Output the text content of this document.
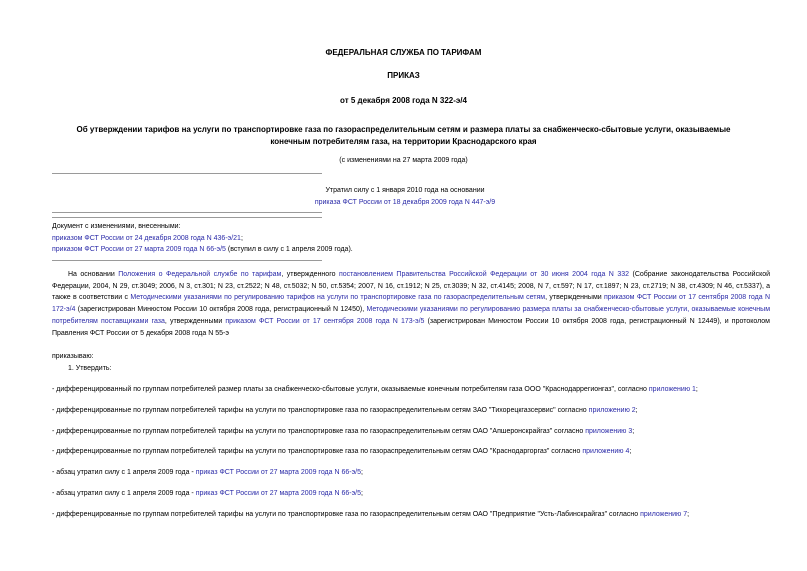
ФЕДЕРАЛЬНАЯ СЛУЖБА ПО ТАРИФАМ
ПРИКАЗ
от 5 декабря 2008 года N 322-э/4
Об утверждении тарифов на услуги по транспортировке газа по газораспределительным сетям и размера платы за снабженческо-сбытовые услуги, оказываемые
конечным потребителям газа, на территории Краснодарского края
(с изменениями на 27 марта 2009 года)
Утратил силу с 1 января 2010 года на основании
приказа ФСТ России от 18 декабря 2009 года N 447-э/9
Документ с изменениями, внесенными:
приказом ФСТ России от 24 декабря 2008 года N 436-э/21;
приказом ФСТ России от 27 марта 2009 года N 66-э/5 (вступил в силу с 1 апреля 2009 года).
На основании Положения о Федеральной службе по тарифам, утвержденного постановлением Правительства Российской Федерации от 30 июня 2004 года N 332 (Собрание законодательства Российской Федерации, 2004, N 29, ст.3049; 2006, N 3, ст.301; N 23, ст.2522; N 48, ст.5032; N 50, ст.5354; 2007, N 16, ст.1912; N 25, ст.3039; N 32, ст.4145; 2008, N 7, ст.597; N 17, ст.1897; N 23, ст.2719; N 38, ст.4309; N 46, ст.5337), а также в соответствии с Методическими указаниями по регулированию тарифов на услуги по транспортировке газа по газораспределительным сетям, утвержденными приказом ФСТ России от 17 сентября 2008 года N 172-э/4 (зарегистрирован Минюстом России 10 октября 2008 года, регистрационный N 12450), Методическими указаниями по регулированию размера платы за снабженческо-сбытовые услуги, оказываемые конечным потребителям поставщиками газа, утвержденными приказом ФСТ России от 17 сентября 2008 года N 173-э/5 (зарегистрирован Минюстом России 10 октября 2008 года, регистрационный N 12449), и протоколом Правления ФСТ России от 5 декабря 2008 года N 55-э
приказываю:
1. Утвердить:
- дифференцированный по группам потребителей размер платы за снабженческо-сбытовые услуги, оказываемые конечным потребителям газа ООО "Краснодаррегионгаз", согласно приложению 1;
- дифференцированные по группам потребителей тарифы на услуги по транспортировке газа по газораспределительным сетям ЗАО "Тихорецкгазсервис" согласно приложению 2;
- дифференцированные по группам потребителей тарифы на услуги по транспортировке газа по газораспределительным сетям ОАО "Апшеронскрайгаз" согласно приложению 3;
- дифференцированные по группам потребителей тарифы на услуги по транспортировке газа по газораспределительным сетям ОАО "Краснодаргоргаз" согласно приложению 4;
- абзац утратил силу с 1 апреля 2009 года - приказ ФСТ России от 27 марта 2009 года N 66-э/5;
- абзац утратил силу с 1 апреля 2009 года - приказ ФСТ России от 27 марта 2009 года N 66-э/5;
- дифференцированные по группам потребителей тарифы на услуги по транспортировке газа по газораспределительным сетям ОАО "Предприятие "Усть-Лабинскрайгаз" согласно приложению 7;
